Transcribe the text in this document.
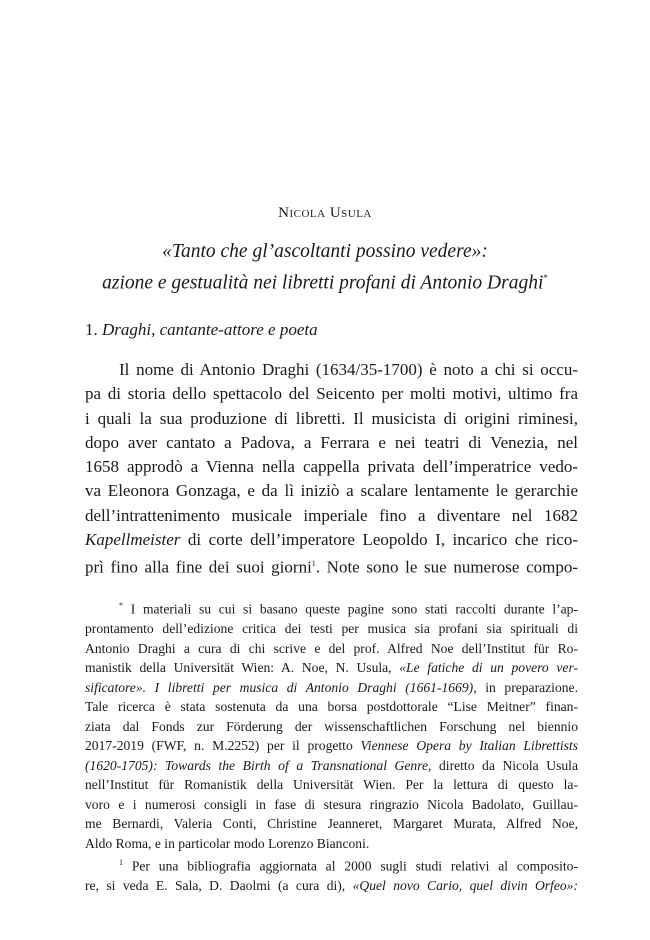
Nicola Usula
«Tanto che gl’ascoltanti possino vedere»:
azione e gestualità nei libretti profani di Antonio Draghi*
1. Draghi, cantante-attore e poeta
Il nome di Antonio Draghi (1634/35-1700) è noto a chi si occu-
pa di storia dello spettacolo del Seicento per molti motivi, ultimo fra
i quali la sua produzione di libretti. Il musicista di origini riminesi,
dopo aver cantato a Padova, a Ferrara e nei teatri di Venezia, nel
1658 approdò a Vienna nella cappella privata dell’imperatrice vedo-
va Eleonora Gonzaga, e da lì iniziò a scalare lentamente le gerarchie
dell’intrattenimento musicale imperiale fino a diventare nel 1682
Kapellmeister di corte dell’imperatore Leopoldo I, incarico che rico-
prì fino alla fine dei suoi giorni$^1$. Note sono le sue numerose compo-
* I materiali su cui si basano queste pagine sono stati raccolti durante l’ap-
prontamento dell’edizione critica dei testi per musica sia profani sia spirituali di
Antonio Draghi a cura di chi scrive e del prof. Alfred Noe dell’Institut für Ro-
manistik della Universität Wien: A. Noe, N. Usula, «Le fatiche di un povero ver-
sificatore». I libretti per musica di Antonio Draghi (1661-1669), in preparazione.
Tale ricerca è stata sostenuta da una borsa postdottorale “Lise Meitner” finan-
ziata dal Fonds zur Förderung der wissenschaftlichen Forschung nel biennio
2017-2019 (FWF, n. M.2252) per il progetto Viennese Opera by Italian Librettists
(1620-1705): Towards the Birth of a Transnational Genre, diretto da Nicola Usula
nell’Institut für Romanistik della Universität Wien. Per la lettura di questo la-
voro e i numerosi consigli in fase di stesura ringrazio Nicola Badolato, Guillau-
me Bernardi, Valeria Conti, Christine Jeanneret, Margaret Murata, Alfred Noe,
Aldo Roma, e in particolar modo Lorenzo Bianconi.
$^1$ Per una bibliografia aggiornata al 2000 sugli studi relativi al composito-
re, si veda E. Sala, D. Daolmi (a cura di), «Quel novo Cario, quel divin Orfeo»:
